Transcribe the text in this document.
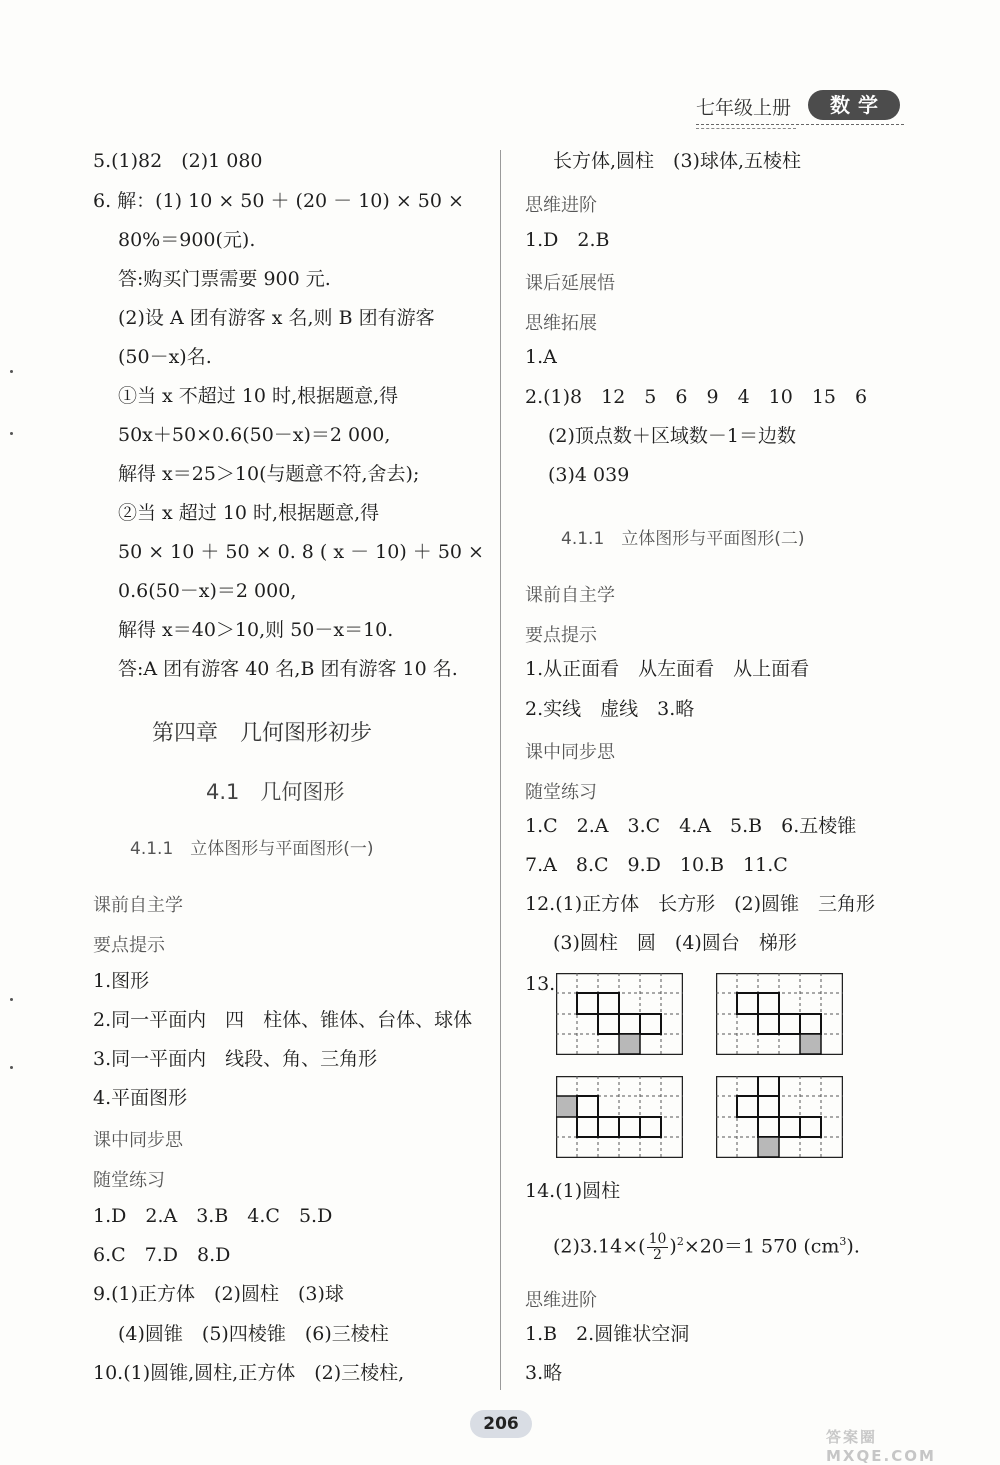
七年级上册	数学
5.(1)82　(2)1 080
6. 解：(1) 10 × 50 ＋ (20 － 10) × 50 ×
80%＝900(元).
答:购买门票需要 900 元.
(2)设 A 团有游客 x 名,则 B 团有游客
(50－x)名.
①当 x 不超过 10 时,根据题意,得
50x＋50×0.6(50－x)＝2 000,
解得 x＝25＞10(与题意不符,舍去);
②当 x 超过 10 时,根据题意,得
50 × 10 ＋ 50 × 0. 8 ( x － 10) ＋ 50 ×
0.6(50－x)＝2 000,
解得 x＝40＞10,则 50－x＝10.
答:A 团有游客 40 名,B 团有游客 10 名.
第四章　几何图形初步
4.1　几何图形
4.1.1　立体图形与平面图形(一)
课前自主学
要点提示
1.图形
2.同一平面内　四　柱体、锥体、台体、球体
3.同一平面内　线段、角、三角形
4.平面图形
课中同步思
随堂练习
1.D　2.A　3.B　4.C　5.D
6.C　7.D　8.D
9.(1)正方体　(2)圆柱　(3)球
(4)圆锥　(5)四棱锥　(6)三棱柱
10.(1)圆锥,圆柱,正方体　(2)三棱柱,
长方体,圆柱　(3)球体,五棱柱
思维进阶
1.D　2.B
课后延展悟
思维拓展
1.A
2.(1)8　12　5　6　9　4　10　15　6
(2)顶点数＋区域数－1＝边数
(3)4 039
4.1.1　立体图形与平面图形(二)
课前自主学
要点提示
1.从正面看　从左面看　从上面看
2.实线　虚线　3.略
课中同步思
随堂练习
1.C　2.A　3.C　4.A　5.B　6.五棱锥
7.A　8.C　9.D　10.B　11.C
12.(1)正方体　长方形　(2)圆锥　三角形
(3)圆柱　圆　(4)圆台　梯形
13.
14.(1)圆柱
$(2)3.14\times( \frac{10}{2} )^2\times 20=1$ 570 $(cm^3)$.
思维进阶
1.B　2.圆锥状空洞
3.略
206
答案圈 MXQE.COM
